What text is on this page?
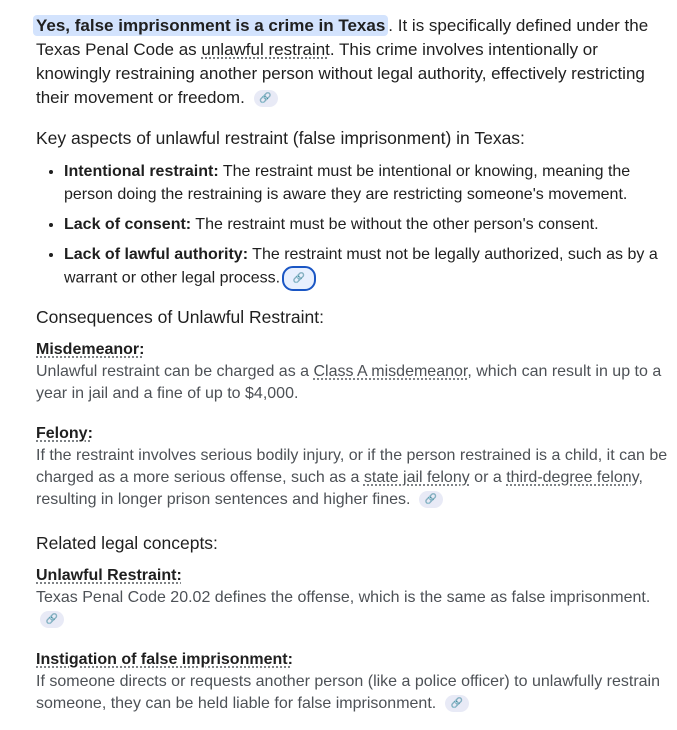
Yes, false imprisonment is a crime in Texas . It is specifically defined under the Texas Penal Code as unlawful restraint. This crime involves intentionally or knowingly restraining another person without legal authority, effectively restricting their movement or freedom. 🔗

Key aspects of unlawful restraint (false imprisonment) in Texas:
• Intentional restraint: The restraint must be intentional or knowing, meaning the person doing the restraining is aware they are restricting someone's movement.
• Lack of consent: The restraint must be without the other person's consent.
• Lack of lawful authority: The restraint must not be legally authorized, such as by a warrant or other legal process. 🔗
Consequences of Unlawful Restraint:

Misdemeanor:

Unlawful restraint can be charged as a Class A misdemeanor, which can result in up to a year in jail and a fine of up to $4,000.

Felony:

If the restraint involves serious bodily injury, or if the person restrained is a child, it can be charged as a more serious offense, such as a state jail felony or a third-degree felony, resulting in longer prison sentences and higher fines. 🔗

Related legal concepts:

Unlawful Restraint:

Texas Penal Code 20.02 defines the offense, which is the same as false imprisonment. 🔗

Instigation of false imprisonment:

If someone directs or requests another person (like a police officer) to unlawfully restrain someone, they can be held liable for false imprisonment. 🔗
